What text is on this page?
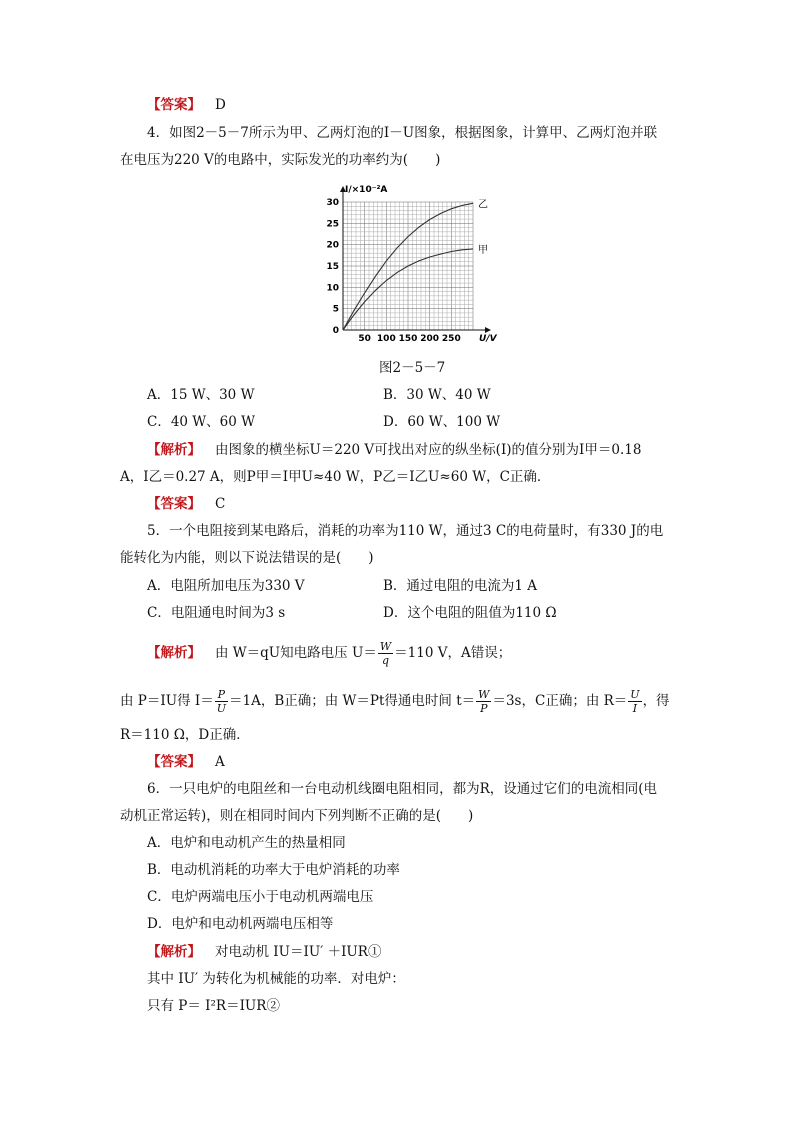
【答案】 D
4．如图2－5－7所示为甲、乙两灯泡的I－U图象，根据图象，计算甲、乙两灯泡并联
在电压为220 V的电路中，实际发光的功率约为(　　)
50 100 150 200 250
0
5
10
15
20
25
30	乙
甲
U/V
I/×10⁻²A
图2－5－7
A．15 W、30 W	B．30 W、40 W
C．40 W、60 W	D．60 W、100 W
【解析】 由图象的横坐标U＝220 V可找出对应的纵坐标(I)的值分别为I甲＝0.18
A，I乙＝0.27 A，则P甲＝I甲U≈40 W，P乙＝I乙U≈60 W，C正确．
【答案】 C
5．一个电阻接到某电路后，消耗的功率为110 W，通过3 C的电荷量时，有330 J的电
能转化为内能，则以下说法错误的是(　　)
A．电阻所加电压为330 V	B．通过电阻的电流为1 A
C．电阻通电时间为3 s	D．这个电阻的阻值为110 Ω
【解析】 由 W＝qU知电路电压 $U= \frac{W}{q} =110$ V，A错误；
由 P＝IU得 $I= \frac{P}{U} =1A$，B正确；由 W＝Pt得通电时间 $t= \frac{W}{P} =3s$，C正确；由 $R= \frac{U}{I}$ ，得
R＝110 Ω，D正确．
【答案】 A
6．一只电炉的电阻丝和一台电动机线圈电阻相同，都为R，设通过它们的电流相同(电
动机正常运转)，则在相同时间内下列判断不正确的是(　　)
A．电炉和电动机产生的热量相同
B．电动机消耗的功率大于电炉消耗的功率
C．电炉两端电压小于电动机两端电压
D．电炉和电动机两端电压相等
【解析】 对电动机 IU＝IU′ ＋IUR①
其中 IU′ 为转化为机械能的功率．对电炉：
只有 P＝ I²R＝IUR②
